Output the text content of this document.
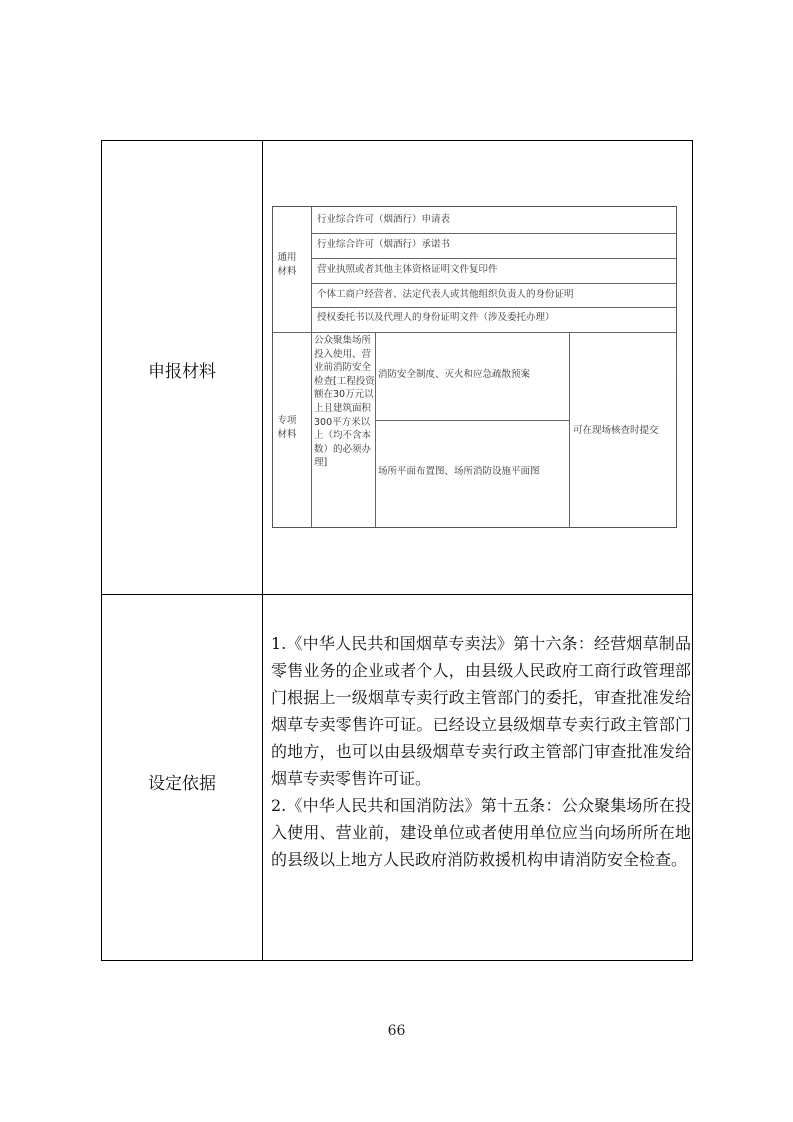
申报材料
设定依据
通用
材料
行业综合许可（烟酒行）申请表
行业综合许可（烟酒行）承诺书
营业执照或者其他主体资格证明文件复印件
个体工商户经营者、法定代表人或其他组织负责人的身份证明
授权委托书以及代理人的身份证明文件（涉及委托办理）
专项
材料
公众聚集场所投入使用、营业前消防安全检查[工程投资额在30万元以上且建筑面积300平方米以上（均不含本数）的必须办理]
消防安全制度、灭火和应急疏散预案
场所平面布置图、场所消防设施平面图
可在现场核查时提交

1.《中华人民共和国烟草专卖法》第十六条：经营烟草制品零售业务的企业或者个人，由县级人民政府工商行政管理部门根据上一级烟草专卖行政主管部门的委托，审查批准发给烟草专卖零售许可证。已经设立县级烟草专卖行政主管部门的地方，也可以由县级烟草专卖行政主管部门审查批准发给烟草专卖零售许可证。

2.《中华人民共和国消防法》第十五条：公众聚集场所在投入使用、营业前，建设单位或者使用单位应当向场所所在地的县级以上地方人民政府消防救援机构申请消防安全检查。

66
